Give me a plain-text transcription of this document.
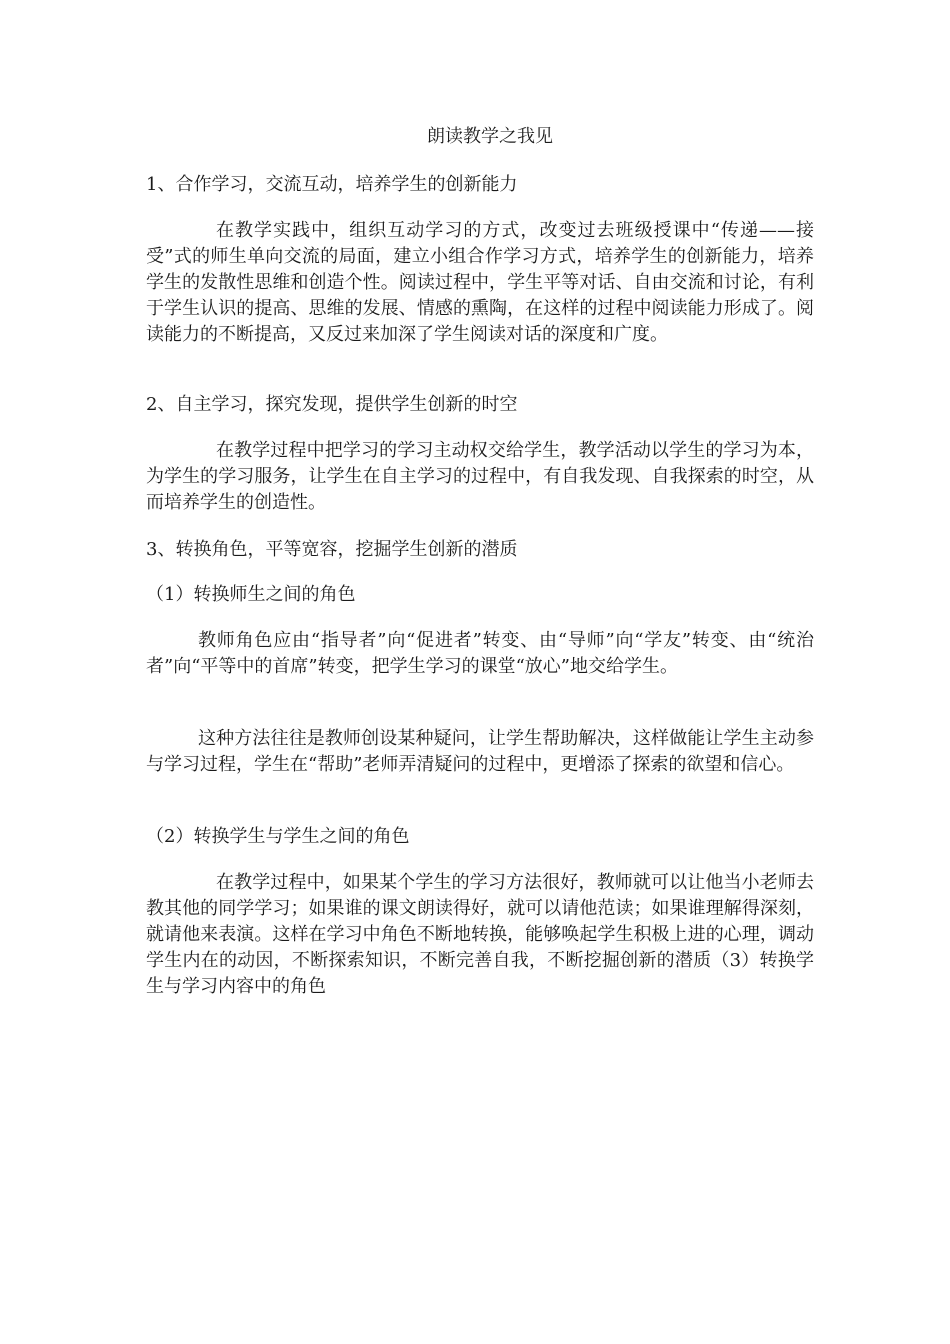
朗读教学之我见
1、合作学习，交流互动，培养学生的创新能力
在教学实践中，组织互动学习的方式，改变过去班级授课中“传递——接受”式的师生单向交流的局面，建立小组合作学习方式，培养学生的创新能力，培养学生的发散性思维和创造个性。阅读过程中，学生平等对话、自由交流和讨论，有利于学生认识的提高、思维的发展、情感的熏陶，在这样的过程中阅读能力形成了。阅读能力的不断提高，又反过来加深了学生阅读对话的深度和广度。
2、自主学习，探究发现，提供学生创新的时空
在教学过程中把学习的学习主动权交给学生，教学活动以学生的学习为本，为学生的学习服务，让学生在自主学习的过程中，有自我发现、自我探索的时空，从而培养学生的创造性。
3、转换角色，平等宽容，挖掘学生创新的潜质
（1）转换师生之间的角色
教师角色应由“指导者”向“促进者”转变、由“导师”向“学友”转变、由“统治者”向“平等中的首席”转变，把学生学习的课堂“放心”地交给学生。
这种方法往往是教师创设某种疑问，让学生帮助解决，这样做能让学生主动参与学习过程，学生在“帮助”老师弄清疑问的过程中，更增添了探索的欲望和信心。
（2）转换学生与学生之间的角色
在教学过程中，如果某个学生的学习方法很好，教师就可以让他当小老师去教其他的同学学习；如果谁的课文朗读得好，就可以请他范读；如果谁理解得深刻，就请他来表演。这样在学习中角色不断地转换，能够唤起学生积极上进的心理，调动学生内在的动因，不断探索知识，不断完善自我，不断挖掘创新的潜质（3）转换学生与学习内容中的角色
